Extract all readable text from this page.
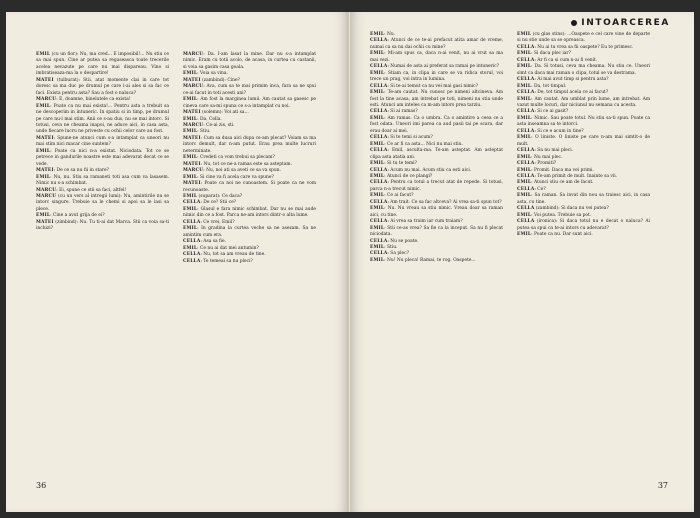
EMIL (cu un fior): Nu, ma cred... E imposibil!... Nu stiu ce sa mai spun. Cine ar putea sa regaseasca toate trecerile acelea nevazute pe care nu mai dispareau. Vino si imbratiseaza-ma la o despartire!

MATEI (tulburat): Stii, atat momente clai in care tot doresc sa ma duc pe drumul pe care l-ai ales si sa fac ce faci. Exista pentru asta? Sau a fost o naluca?

MARCU: E, doamne, binelutele ca exista!

EMIL: Poate ca nu mai exista!... Pentru asta a trebuit sa ne descoperim in intuneric. In spatiu si in timp, pe drumul pe care nu-l mai stim. Anii ce s-au dus, nu se mai intorc. Si totusi, ceva ne cheama inapoi, ne aduce aici, in casa asta, unde fiecare lucru ne priveste cu ochii celor care au fost.

MATEI: Spune-ne atunci cum s-a intamplat ca uneori nu mai stim nici macar cine suntem?

EMIL: Poate ca nici n-a existat. Niciodata. Tot ce se petrece in gandurile noastre este mai adevarat decat ce se vede.

MATEI: De ce sa nu fii in stare?

EMIL: Nu, nu. Stiu sa ramaneti toti asa cum va lasasem. Nimic nu s-a schimbat.

MARCU: Ei, spune ce stii sa faci, altfel!

MARCU (cu un vers al intregii lumi): Nu, amintirile nu se intorc singure. Trebuie sa le chemi si apoi sa le lasi sa plece.

EMIL: Cine a avut grija de ei?

MATEI (zimbind): Nu. Tu ti-ai dat Marca. Stii ca voia sa-ti inchizi?

MARCU: Da. I-am lasat la mine. Dar nu s-a intamplat nimic. Eram cu totii acolo, de acasa, in curtea cu castanii, si voia sa gasim casa goala.

EMIL: Voia sa vina.

MATEI (zambind): Cine?

MARCU: Ava, cum sa te mai primim inca, fara sa ne spui ce-ai facut in toti acesti ani?

EMIL: Am fost la marginea lumii. Am cautat sa gasesc pe cineva care sa-mi spuna ce s-a intamplat cu noi.

MATEI (solemn): Voi ati sa...

EMIL: Da, Cella.

MARCU: Ce-ai zis, sti.

EMIL: Stiu.

MATEI: Cum sa dusa aici dupa ce-am plecat? Voiam sa ma intorc demult, dar n-am putut. Erau prea multe lucruri neterminate.

EMIL: Credeti ca vom trebui sa plecam?

MATEI: Nu, tot ce ne-a ramas este sa asteptam.

MARCU: Nu, noi ati sa aveti ce sa va spun.

EMIL: Si cine va fi acela care va spune?

MATEI: Poate ca noi ne cunoastem. Si poate ca ne vom recunoaste.

EMIL (suparat): Ce daca?

CELLA: De ce? Stii ce?

EMIL: Glasul e fara nimic schimbat. Dar nu se mai aude nimic din ce a fost. Parca ne-am intors dintr-o alta lume.

CELLA: Ce vrei, Emil?

EMIL: In gradina la curtea veche sa ne asezam. Sa ne amintim cum era.

CELLA: Asa sa fie.

EMIL: Ce nu ai dat mei antumin?

CELLA: Nu, tot sa am vreau de tine.

CELLA: Te temeai sa nu pleci?

36
INTOARCEREA

EMIL: Nu.

CELLA: Atunci de ce te-ai prefacut atita amar de vreme, numai ca sa nu dai ochii cu mine?

EMIL: Mi-am spus ca, daca n-ai venit, nu ai vrut sa ma mai vezi.

CELLA: Numai de asta ai preferat sa ramai pe intuneric?

EMIL: Stiam ca, in clipa in care se va ridica storul, voi trece un prag, voi intra in lumina.

CELLA: Si te-ai temut ca nu vei mai gasi nimic?

EMIL: Te-am cautat. Nu cunosc pe nimeni altcineva. Am fost la tine acasa, am intrebat pe toti, nimeni nu stia unde esti. Atunci am inteles ca m-am intors prea tarziu.

CELLA: Si ai ramas?

EMIL: Am ramas. Ca o umbra. Ca o amintire a ceea ce a fost odata. Uneori imi parea ca aud pasii tai pe scara, dar erau doar ai mei.

CELLA: Si te temi si acum?

EMIL: Ce ar fi ca asta... Nici nu mai stiu.

CELLA: Emil, asculta-ma. Te-am asteptat. Am asteptat clipa asta atatia ani.

EMIL: Si tu te temi?

CELLA: Acum nu mai. Acum stiu ca esti aici.

EMIL: Atunci de ce plangi?

CELLA: Pentru ca totul a trecut atat de repede. Si totusi, parca n-a trecut nimic.

EMIL: Ce ai facut?

CELLA: Am trait. Ce sa fac altceva? Ai vrea sa-ti spun tot?

EMIL: Nu. Nu vreau sa stiu nimic. Vreau doar sa raman aici, cu tine.

CELLA: Ai vrea sa traim iar cum traiam?

EMIL: Stii ce-as vrea? Sa fie ca la inceput. Sa nu fi plecat niciodata.

CELLA: Nu se poate.

EMIL: Stiu.

CELLA: Sa plec?

EMIL: Nu! Nu pleca! Ramai, te rog. Oaspete...

EMIL (cu glas stins): ...Oaspete e cel care vine de departe si nu stie unde sa se opreasca.

CELLA: Nu ai tu vrea sa fii oaspete? Eu te primesc.

EMIL: Si daca plec iar?

CELLA: Ar fi ca si cum n-ai fi venit.

EMIL: Da. Si totusi, ceva ma cheama. Nu stiu ce. Uneori simt ca daca mai raman o clipa, totul se va destrama.

CELLA: Ai mai avut timp si pentru asta?

EMIL: Da, tot timpul.

CELLA: De, tot timpul acela ce ai facut?

EMIL: Am cautat. Am umblat prin lume, am intrebat. Am vazut multe locuri, dar niciunul nu semana cu acesta.

CELLA: Si ce ai gasit?

EMIL: Nimic. Sau poate totul. Nu stiu sa-ti spun. Poate ca asta inseamna sa te intorci.

CELLA: Si ce e acum in tine?

EMIL: O liniste. O liniste pe care n-am mai simtit-o de mult.

CELLA: Sa nu mai pleci.

EMIL: Nu mai plec.

CELLA: Promiti?

EMIL: Promit. Daca ma vei primi.

CELLA: Te-am primit de mult. Inainte sa vii.

EMIL: Atunci stiu ce am de facut.

CELLA: Ce?

EMIL: Sa raman. Sa invat din nou sa traiesc aici, in casa asta, cu tine.

CELLA (zambind): Si daca nu vei putea?

EMIL: Voi putea. Trebuie sa pot.

CELLA (ironica): Si daca totul nu e decat o naluca? Ai putea sa spui ca te-ai intors cu adevarat?

EMIL: Poate ca nu. Dar sunt aici.

37
